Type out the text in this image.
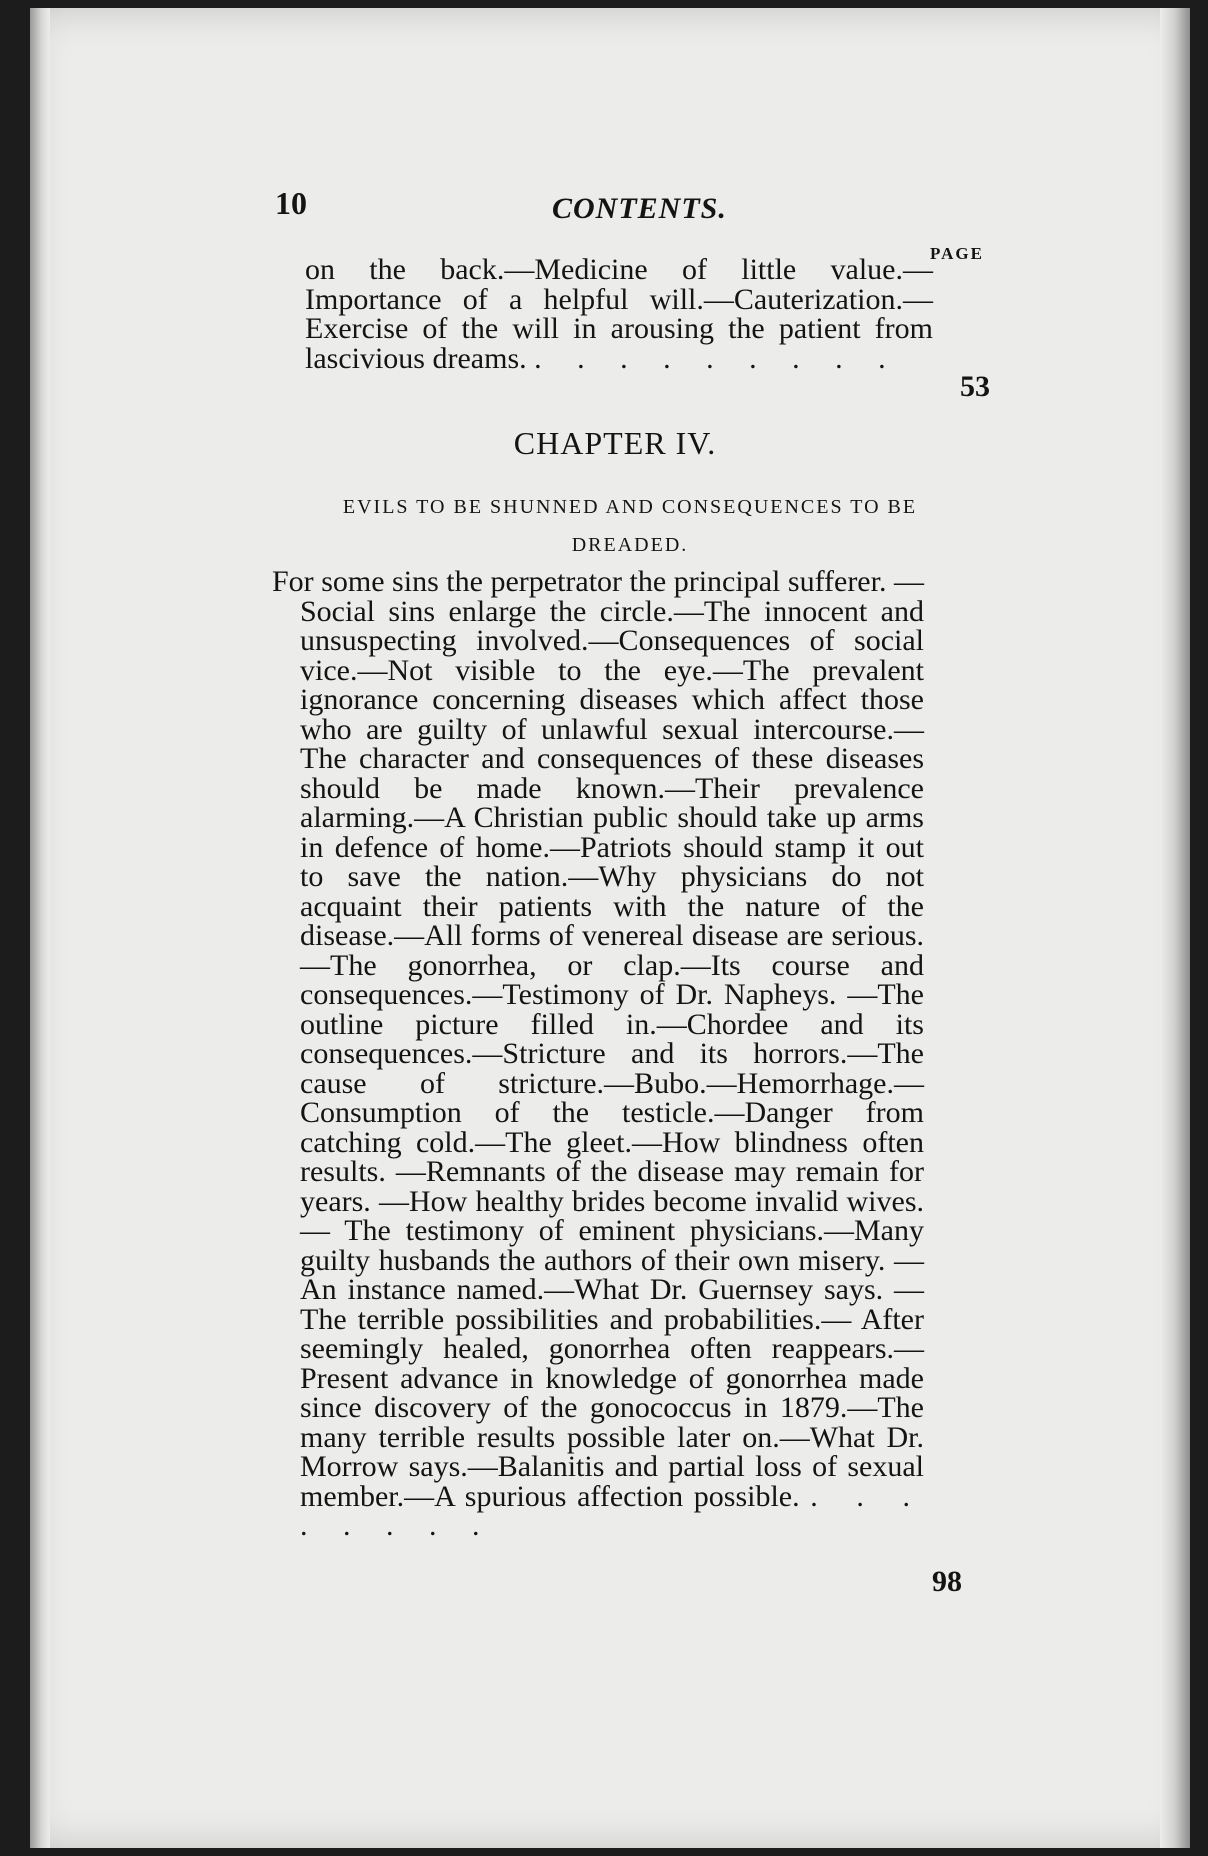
10	CONTENTS.
PAGE
on the back.—Medicine of little value.—Importance of a helpful will.—Cauterization.—Exercise of the will in arousing the patient from lascivious dreams. . . . . . . . . .
53
CHAPTER IV.
EVILS TO BE SHUNNED AND CONSEQUENCES TO BE DREADED.
For some sins the perpetrator the principal sufferer. —Social sins enlarge the circle.—The innocent and unsuspecting involved.—Consequences of social vice.—Not visible to the eye.—The prevalent ignorance concerning diseases which affect those who are guilty of unlawful sexual intercourse.—The character and consequences of these diseases should be made known.—Their prevalence alarming.—A Christian public should take up arms in defence of home.—Patriots should stamp it out to save the nation.—Why physicians do not acquaint their patients with the nature of the disease.—All forms of venereal disease are serious.—The gonorrhea, or clap.—Its course and consequences.—Testimony of Dr. Napheys. —The outline picture filled in.—Chordee and its consequences.—Stricture and its horrors.—The cause of stricture.—Bubo.—Hemorrhage.—Consumption of the testicle.—Danger from catching cold.—The gleet.—How blindness often results. —Remnants of the disease may remain for years. —How healthy brides become invalid wives.— The testimony of eminent physicians.—Many guilty husbands the authors of their own misery. —An instance named.—What Dr. Guernsey says. —The terrible possibilities and probabilities.— After seemingly healed, gonorrhea often reappears.—Present advance in knowledge of gonorrhea made since discovery of the gonococcus in 1879.—The many terrible results possible later on.—What Dr. Morrow says.—Balanitis and partial loss of sexual member.—A spurious affection possible. . . . . . . . .
98
